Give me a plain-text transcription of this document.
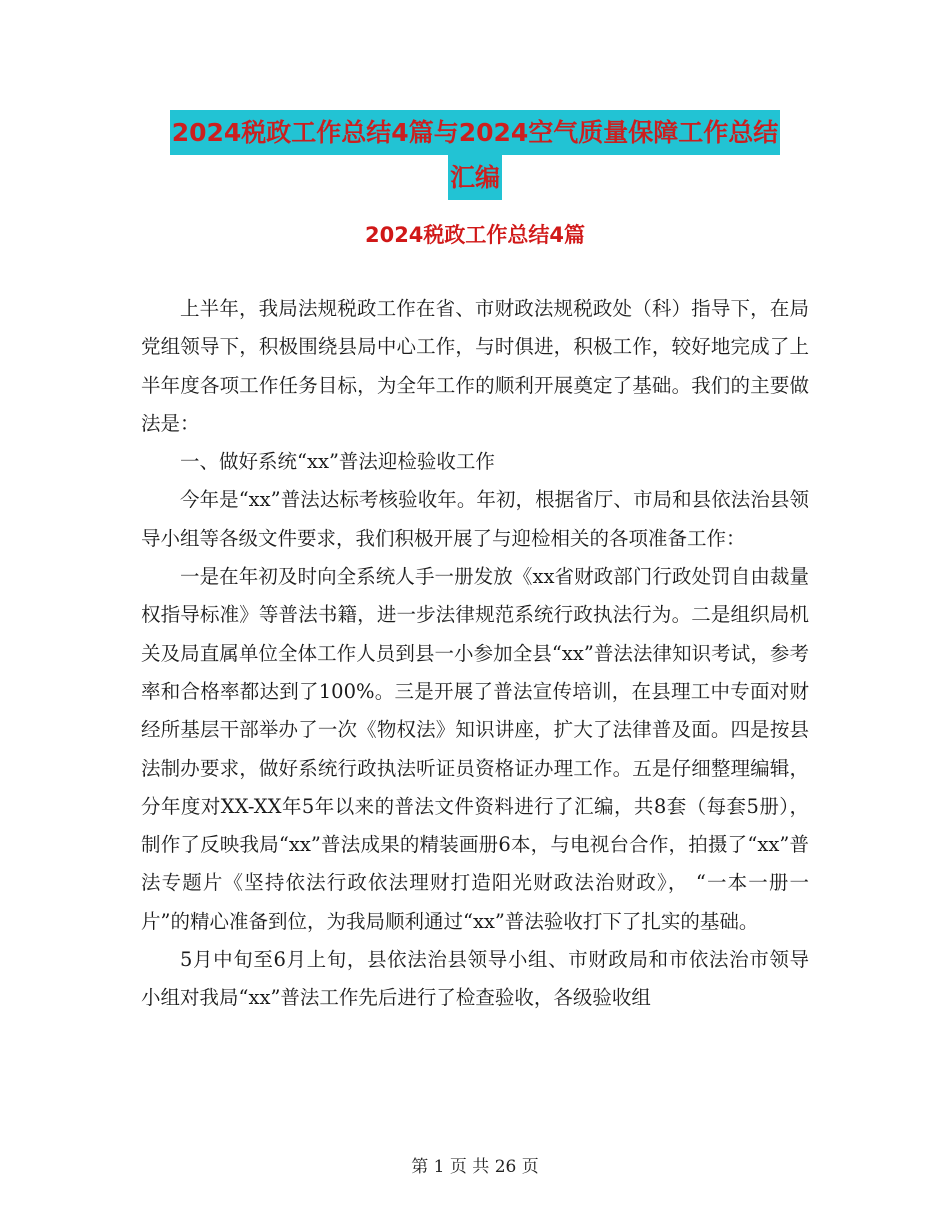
2024税政工作总结4篇与2024空气质量保障工作总结
汇编
2024税政工作总结4篇

上半年，我局法规税政工作在省、市财政法规税政处（科）指导下，在局党组领导下，积极围绕县局中心工作，与时俱进，积极工作，较好地完成了上半年度各项工作任务目标，为全年工作的顺利开展奠定了基础。我们的主要做法是：

一、做好系统“xx”普法迎检验收工作

今年是“xx”普法达标考核验收年。年初，根据省厅、市局和县依法治县领导小组等各级文件要求，我们积极开展了与迎检相关的各项准备工作：

一是在年初及时向全系统人手一册发放《xx省财政部门行政处罚自由裁量权指导标准》等普法书籍，进一步法律规范系统行政执法行为。二是组织局机关及局直属单位全体工作人员到县一小参加全县“xx”普法法律知识考试，参考率和合格率都达到了100%。三是开展了普法宣传培训，在县理工中专面对财经所基层干部举办了一次《物权法》知识讲座，扩大了法律普及面。四是按县法制办要求，做好系统行政执法听证员资格证办理工作。五是仔细整理编辑，分年度对XX-XX年5年以来的普法文件资料进行了汇编，共8套（每套5册），制作了反映我局“xx”普法成果的精装画册6本，与电视台合作，拍摄了“xx”普法专题片《坚持依法行政依法理财打造阳光财政法治财政》， “一本一册一片”的精心准备到位，为我局顺利通过“xx”普法验收打下了扎实的基础。

5月中旬至6月上旬，县依法治县领导小组、市财政局和市依法治市领导小组对我局“xx”普法工作先后进行了检查验收，各级验收组

第 1 页 共 26 页
